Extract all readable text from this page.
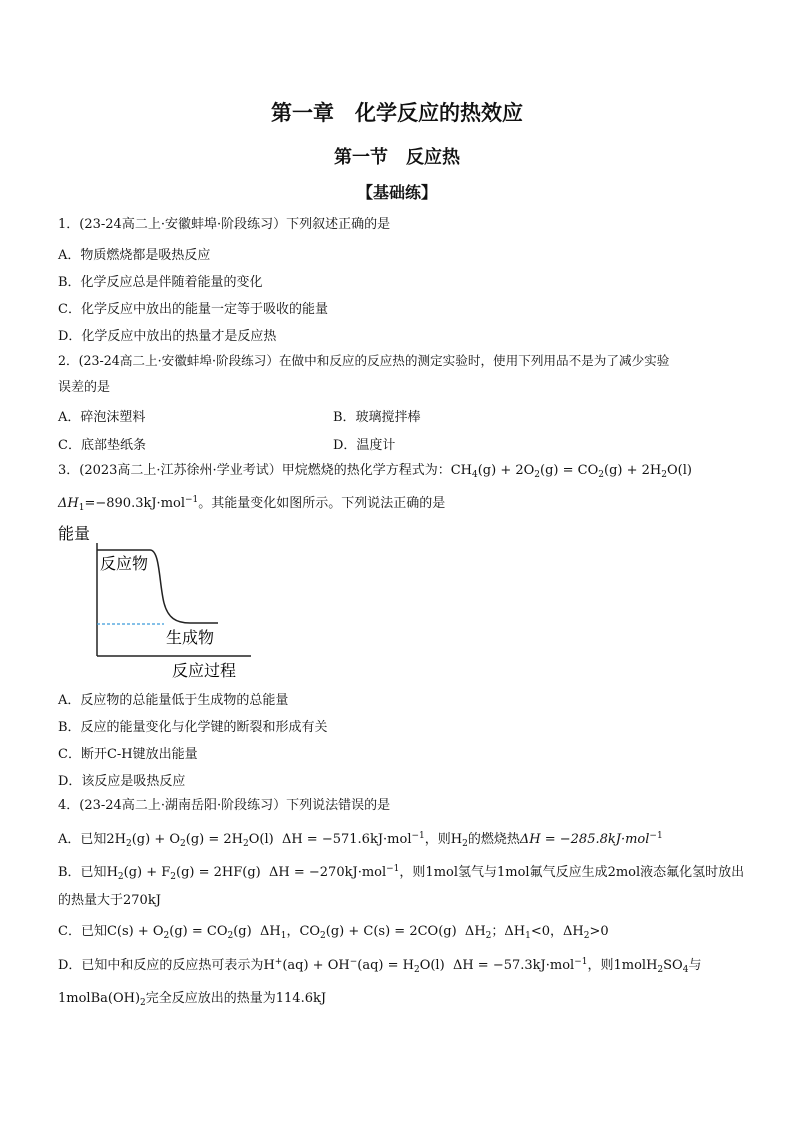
第一章　化学反应的热效应
第一节　反应热
【基础练】
1．(23-24高二上·安徽蚌埠·阶段练习）下列叙述正确的是
A．物质燃烧都是吸热反应
B．化学反应总是伴随着能量的变化
C．化学反应中放出的能量一定等于吸收的能量
D．化学反应中放出的热量才是反应热
2．(23-24高二上·安徽蚌埠·阶段练习）在做中和反应的反应热的测定实验时，使用下列用品不是为了减少实验
误差的是
A．碎泡沫塑料	B．玻璃搅拌棒
C．底部垫纸条	D．温度计
3．(2023高二上·江苏徐州·学业考试）甲烷燃烧的热化学方程式为：$CH_4(g) + 2O_2(g) = CO_2(g) + 2H_2O(l)$
$\Delta H_1=-890.3kJ\cdot mol^{-1}$。其能量变化如图所示。下列说法正确的是
能量
反应物
生成物
反应过程
A．反应物的总能量低于生成物的总能量
B．反应的能量变化与化学键的断裂和形成有关
C．断开C-H键放出能量
D．该反应是吸热反应
4．(23-24高二上·湖南岳阳·阶段练习）下列说法错误的是
A．已知$2H_2(g) + O_2(g) = 2H_2O(l) \Delta H = -571.6kJ\cdot mol^{-1}$，则$H_2$的燃烧热ΔH = −285.8kJ·mol$^{-1}$
B．已知$H_2(g) + F_2(g) = 2HF(g) \Delta H = -270kJ\cdot mol^{-1}$，则1mol氢气与1mol氟气反应生成2mol液态氟化氢时放出
的热量大于270kJ
C．已知$C(s) + O_2(g) = CO_2(g)$  $\Delta H_1$，$CO_2(g) + C(s) = 2CO(g)$  $\Delta H_2$；$\Delta H_1<0$，$\Delta H_2>0$
D．已知中和反应的反应热可表示为$H^+(aq) + OH^-(aq) = H_2O(l) \Delta H = -57.3kJ\cdot mol^{-1}$，则$1molH_2SO_4$与
$1molBa(OH)_2$完全反应放出的热量为114.6kJ
